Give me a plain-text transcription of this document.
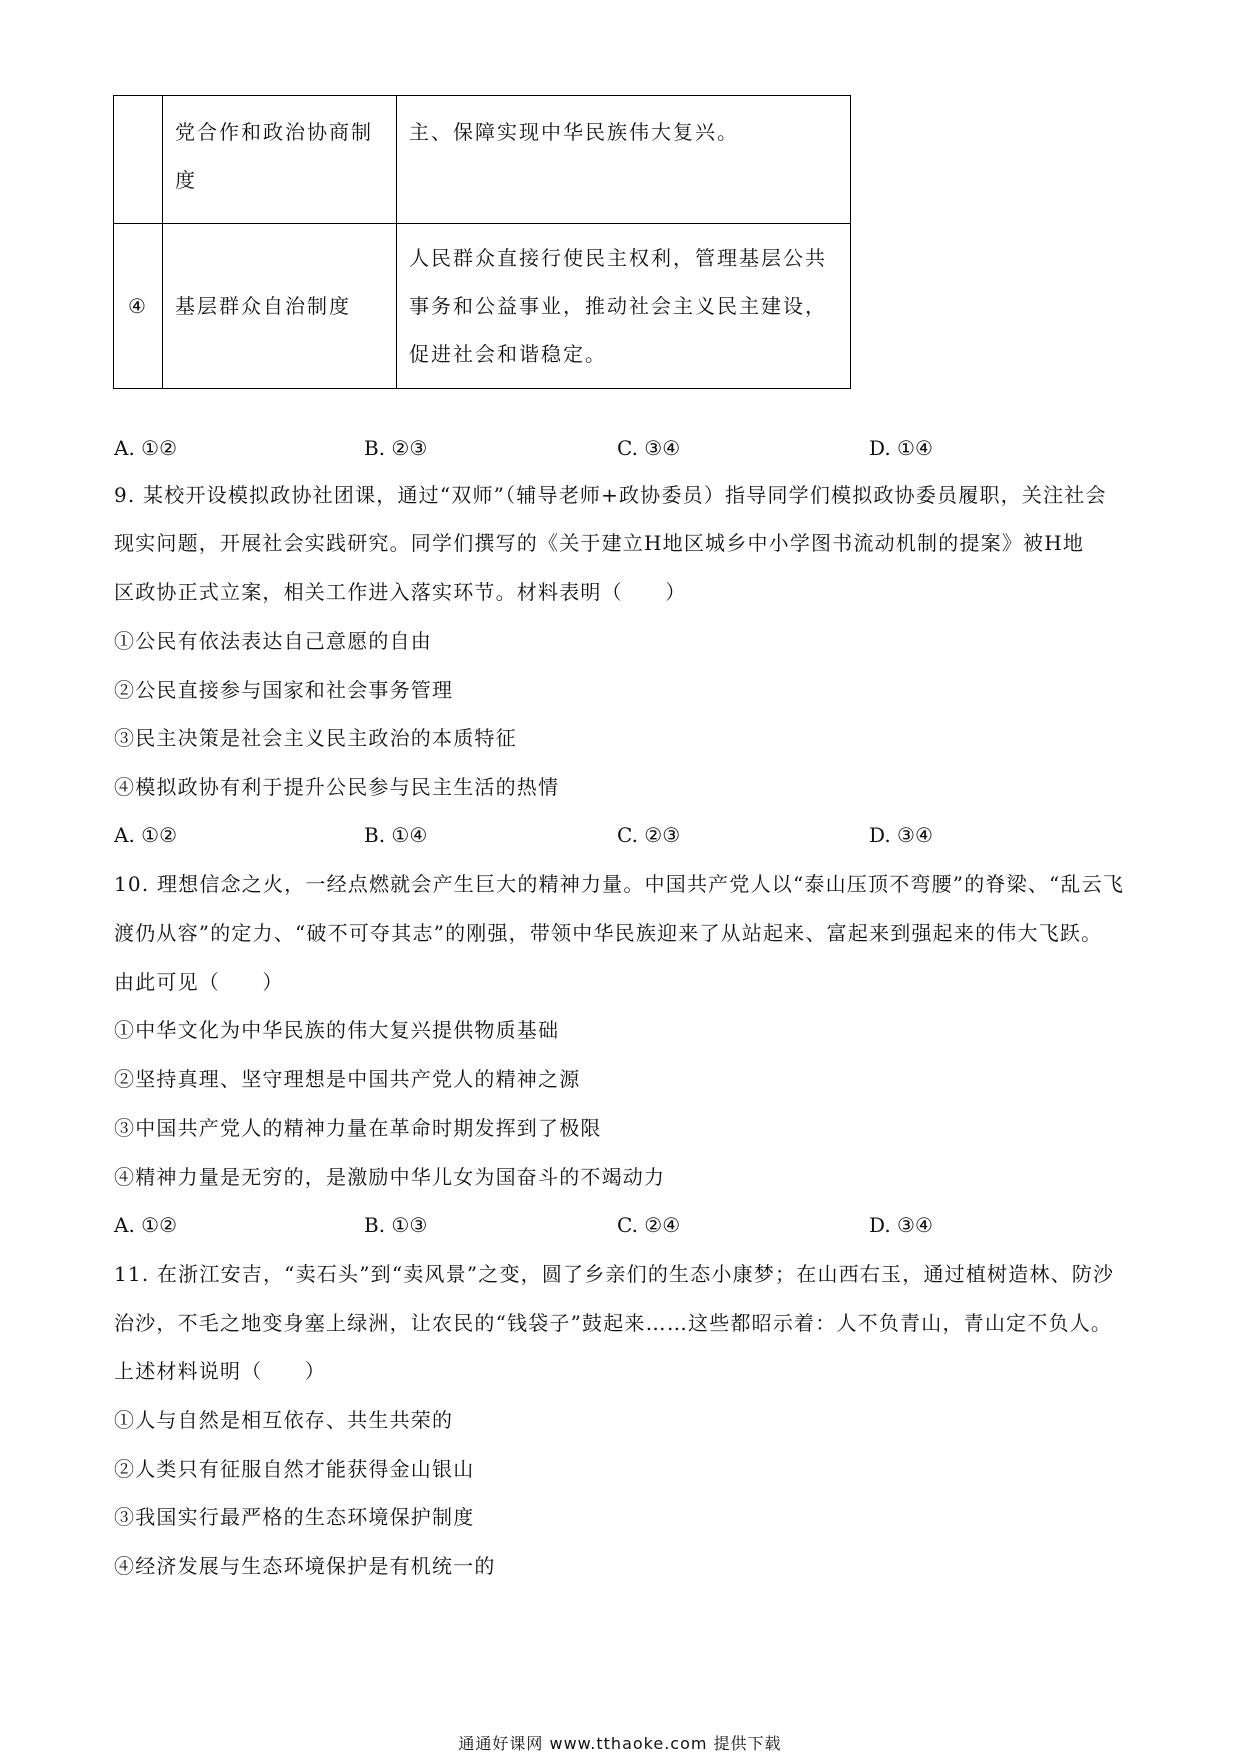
	党合作和政治协商制度	主、保障实现中华民族伟大复兴。
④	基层群众自治制度	人民群众直接行使民主权利，管理基层公共事务和公益事业，推动社会主义民主建设，促进社会和谐稳定。
A. ①②	B. ②③	C. ③④	D. ①④
9. 某校开设模拟政协社团课，通过“双师”（辅导老师+政协委员）指导同学们模拟政协委员履职，关注社会
现实问题，开展社会实践研究。同学们撰写的《关于建立H地区城乡中小学图书流动机制的提案》被H地
区政协正式立案，相关工作进入落实环节。材料表明（　　）
①公民有依法表达自己意愿的自由
②公民直接参与国家和社会事务管理
③民主决策是社会主义民主政治的本质特征
④模拟政协有利于提升公民参与民主生活的热情
A. ①②	B. ①④	C. ②③	D. ③④
10. 理想信念之火，一经点燃就会产生巨大的精神力量。中国共产党人以“泰山压顶不弯腰”的脊梁、“乱云飞
渡仍从容”的定力、“破不可夺其志”的刚强，带领中华民族迎来了从站起来、富起来到强起来的伟大飞跃。
由此可见（　　）
①中华文化为中华民族的伟大复兴提供物质基础
②坚持真理、坚守理想是中国共产党人的精神之源
③中国共产党人的精神力量在革命时期发挥到了极限
④精神力量是无穷的，是激励中华儿女为国奋斗的不竭动力
A. ①②	B. ①③	C. ②④	D. ③④
11. 在浙江安吉，“卖石头”到“卖风景”之变，圆了乡亲们的生态小康梦；在山西右玉，通过植树造林、防沙
治沙，不毛之地变身塞上绿洲，让农民的“钱袋子”鼓起来……这些都昭示着：人不负青山，青山定不负人。
上述材料说明（　　）
①人与自然是相互依存、共生共荣的
②人类只有征服自然才能获得金山银山
③我国实行最严格的生态环境保护制度
④经济发展与生态环境保护是有机统一的
通通好课网 www.tthaoke.com 提供下载
